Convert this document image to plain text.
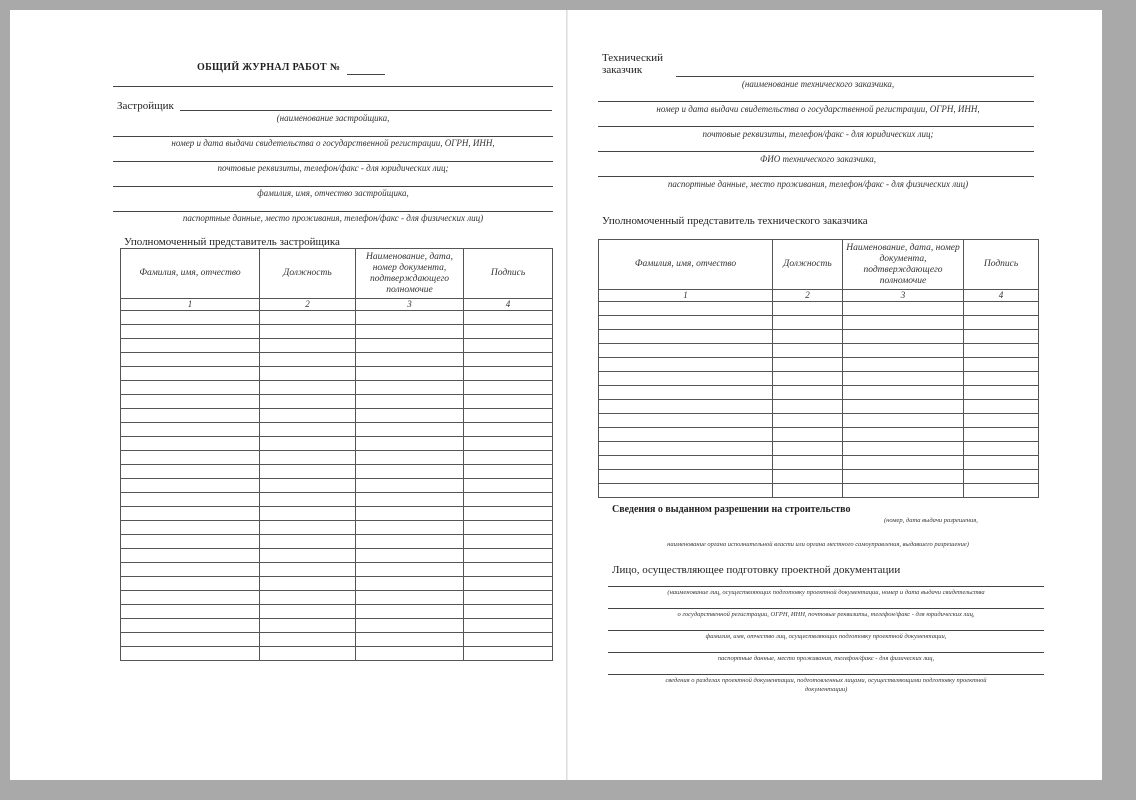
ОБЩИЙ ЖУРНАЛ РАБОТ №
Застройщик
(наименование застройщика,
номер и дата выдачи свидетельства о государственной регистрации, ОГРН, ИНН,
почтовые реквизиты, телефон/факс - для юридических лиц;
фамилия, имя, отчество застройщика,
паспортные данные, место проживания, телефон/факс - для физических лиц)
Уполномоченный представитель застройщика
Фамилия, имя, отчество	Должность	Наименование, дата, номер документа, подтверждающего полномочие	Подпись
1	2	3	4

Технический
заказчик
(наименование технического заказчика,
номер и дата выдачи свидетельства о государственной регистрации, ОГРН, ИНН,
почтовые реквизиты, телефон/факс - для юридических лиц;
ФИО технического заказчика,
паспортные данные, место проживания, телефон/факс - для физических лиц)
Уполномоченный представитель технического заказчика
Фамилия, имя, отчество	Должность	Наименование, дата, номер документа, подтверждающего полномочие	Подпись
1	2	3	4

Сведения о выданном разрешении на строительство
(номер, дата выдачи разрешения,
наименование органа исполнительной власти или органа местного самоуправления, выдавшего разрешение)
Лицо, осуществляющее подготовку проектной документации
(наименование лиц, осуществляющих подготовку проектной документации, номер и дата выдачи свидетельства
о государственной регистрации, ОГРН, ИНН, почтовые реквизиты, телефон/факс - для юридических лиц,
фамилия, имя, отчество лиц, осуществляющих подготовку проектной документации,
паспортные данные, место проживания, телефон/факс - для физических лиц,
сведения о разделах проектной документации, подготовленных лицами, осуществляющими подготовку проектной
документации)
